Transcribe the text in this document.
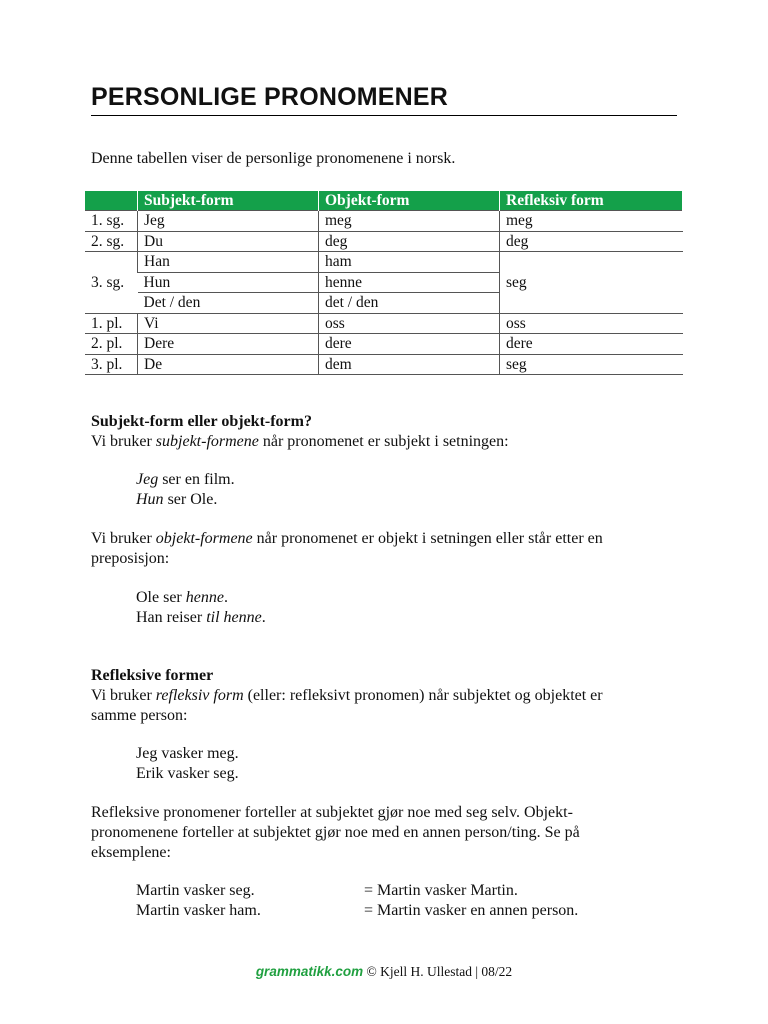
PERSONLIGE PRONOMENER
Denne tabellen viser de personlige pronomenene i norsk.
	Subjekt-form	Objekt-form	Refleksiv form
1. sg.	Jeg	meg	meg
2. sg.	Du	deg	deg
3. sg.	Han	ham	seg
	Hun	henne	
	Det / den	det / den	
1. pl.	Vi	oss	oss
2. pl.	Dere	dere	dere
3. pl.	De	dem	seg
Subjekt-form eller objekt-form?
Vi bruker subjekt-formene når pronomenet er subjekt i setningen:
Jeg ser en film.
Hun ser Ole.
Vi bruker objekt-formene når pronomenet er objekt i setningen eller står etter en
preposisjon:
Ole ser henne.
Han reiser til henne.
Refleksive former
Vi bruker refleksiv form (eller: refleksivt pronomen) når subjektet og objektet er
samme person:
Jeg vasker meg.
Erik vasker seg.
Refleksive pronomener forteller at subjektet gjør noe med seg selv. Objekt-
pronomenene forteller at subjektet gjør noe med en annen person/ting. Se på
eksemplene:
Martin vasker seg.	= Martin vasker Martin.
Martin vasker ham.	= Martin vasker en annen person.
grammatikk.com © Kjell H. Ullestad | 08/22
